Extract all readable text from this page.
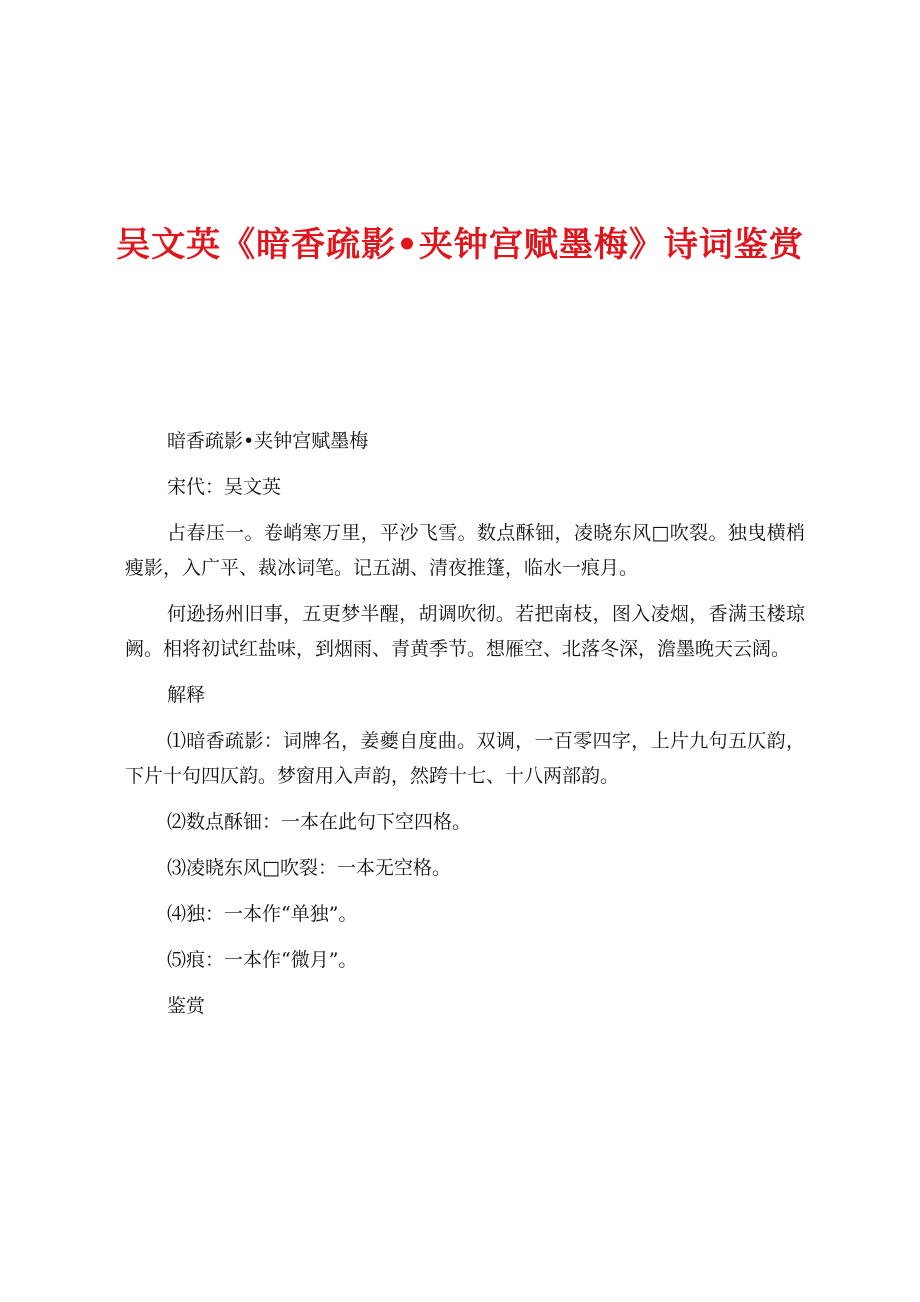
吴文英《暗香疏影•夹钟宫赋墨梅》诗词鉴赏

暗香疏影•夹钟宫赋墨梅

宋代：吴文英

占春压一。卷峭寒万里，平沙飞雪。数点酥钿，凌晓东风□吹裂。独曳横梢瘦影，入广平、裁冰词笔。记五湖、清夜推篷，临水一痕月。

何逊扬州旧事，五更梦半醒，胡调吹彻。若把南枝，图入凌烟，香满玉楼琼阙。相将初试红盐味，到烟雨、青黄季节。想雁空、北落冬深，澹墨晚天云阔。

解释

⑴暗香疏影：词牌名，姜夔自度曲。双调，一百零四字，上片九句五仄韵，下片十句四仄韵。梦窗用入声韵，然跨十七、十八两部韵。

⑵数点酥钿：一本在此句下空四格。

⑶凌晓东风□吹裂：一本无空格。

⑷独：一本作“单独”。

⑸痕：一本作“微月”。

鉴赏
